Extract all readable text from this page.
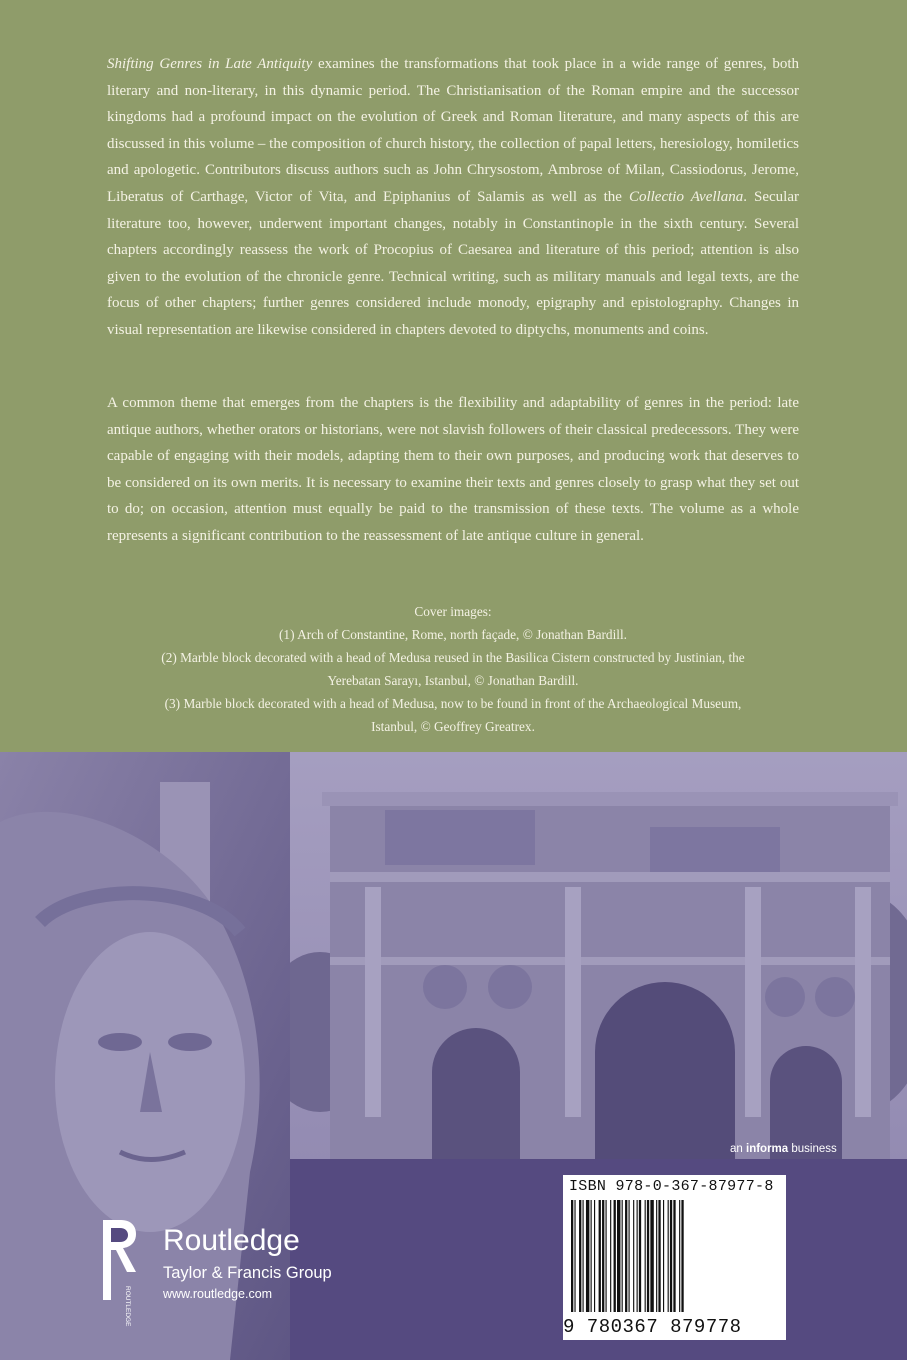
Shifting Genres in Late Antiquity examines the transformations that took place in a wide range of genres, both literary and non-literary, in this dynamic period. The Christianisation of the Roman empire and the successor kingdoms had a profound impact on the evolution of Greek and Roman literature, and many aspects of this are discussed in this volume – the composition of church history, the collection of papal letters, heresiology, homiletics and apologetic. Contributors discuss authors such as John Chrysostom, Ambrose of Milan, Cassiodorus, Jerome, Liberatus of Carthage, Victor of Vita, and Epiphanius of Salamis as well as the Collectio Avellana. Secular literature too, however, underwent important changes, notably in Constantinople in the sixth century. Several chapters accordingly reassess the work of Procopius of Caesarea and literature of this period; attention is also given to the evolution of the chronicle genre. Technical writing, such as military manuals and legal texts, are the focus of other chapters; further genres considered include monody, epigraphy and epistolography. Changes in visual representation are likewise considered in chapters devoted to diptychs, monuments and coins.

A common theme that emerges from the chapters is the flexibility and adaptability of genres in the period: late antique authors, whether orators or historians, were not slavish followers of their classical predecessors. They were capable of engaging with their models, adapting them to their own purposes, and producing work that deserves to be considered on its own merits. It is necessary to examine their texts and genres closely to grasp what they set out to do; on occasion, attention must equally be paid to the transmission of these texts. The volume as a whole represents a significant contribution to the reassessment of late antique culture in general.

Cover images:
(1) Arch of Constantine, Rome, north façade, © Jonathan Bardill.
(2) Marble block decorated with a head of Medusa reused in the Basilica Cistern constructed by Justinian, the
Yerebatan Sarayı, Istanbul, © Jonathan Bardill.
(3) Marble block decorated with a head of Medusa, now to be found in front of the Archaeological Museum,
Istanbul, © Geoffrey Greatrex.
an informa business
ISBN 978-0-367-87977-8
9 780367 879778
ROUTLEDGE
Routledge
Taylor & Francis Group
www.routledge.com
